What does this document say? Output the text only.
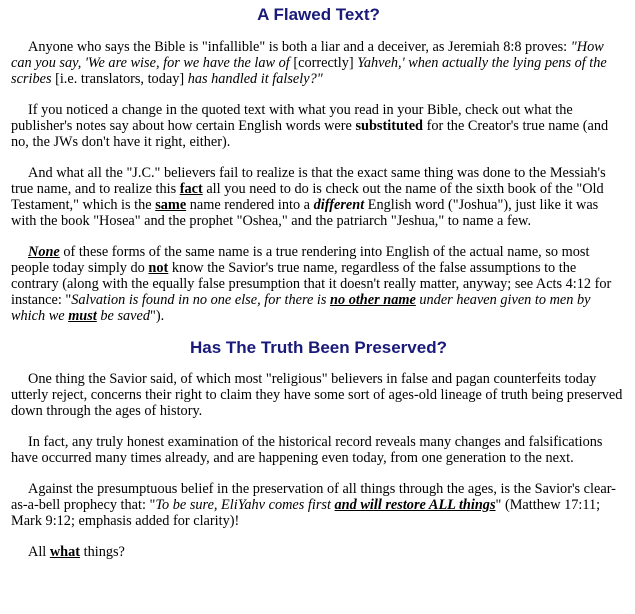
A Flawed Text?

Anyone who says the Bible is "infallible" is both a liar and a deceiver, as Jeremiah 8:8 proves: "How can you say, 'We are wise, for we have the law of [correctly] Yahveh,' when actually the lying pens of the scribes [i.e. translators, today] has handled it falsely?"

If you noticed a change in the quoted text with what you read in your Bible, check out what the publisher's notes say about how certain English words were substituted for the Creator's true name (and no, the JWs don't have it right, either).

And what all the "J.C." believers fail to realize is that the exact same thing was done to the Messiah's true name, and to realize this fact all you need to do is check out the name of the sixth book of the "Old Testament," which is the same name rendered into a different English word ("Joshua"), just like it was with the book "Hosea" and the prophet "Oshea," and the patriarch "Jeshua," to name a few.

None of these forms of the same name is a true rendering into English of the actual name, so most people today simply do not know the Savior's true name, regardless of the false assumptions to the contrary (along with the equally false presumption that it doesn't really matter, anyway; see Acts 4:12 for instance: "Salvation is found in no one else, for there is no other name under heaven given to men by which we must be saved").

Has The Truth Been Preserved?

One thing the Savior said, of which most "religious" believers in false and pagan counterfeits today utterly reject, concerns their right to claim they have some sort of ages-old lineage of truth being preserved down through the ages of history.

In fact, any truly honest examination of the historical record reveals many changes and falsifications have occurred many times already, and are happening even today, from one generation to the next.

Against the presumptuous belief in the preservation of all things through the ages, is the Savior's clear-as-a-bell prophecy that: "To be sure, EliYahv comes first and will restore ALL things" (Matthew 17:11; Mark 9:12; emphasis added for clarity)!

All what things?
